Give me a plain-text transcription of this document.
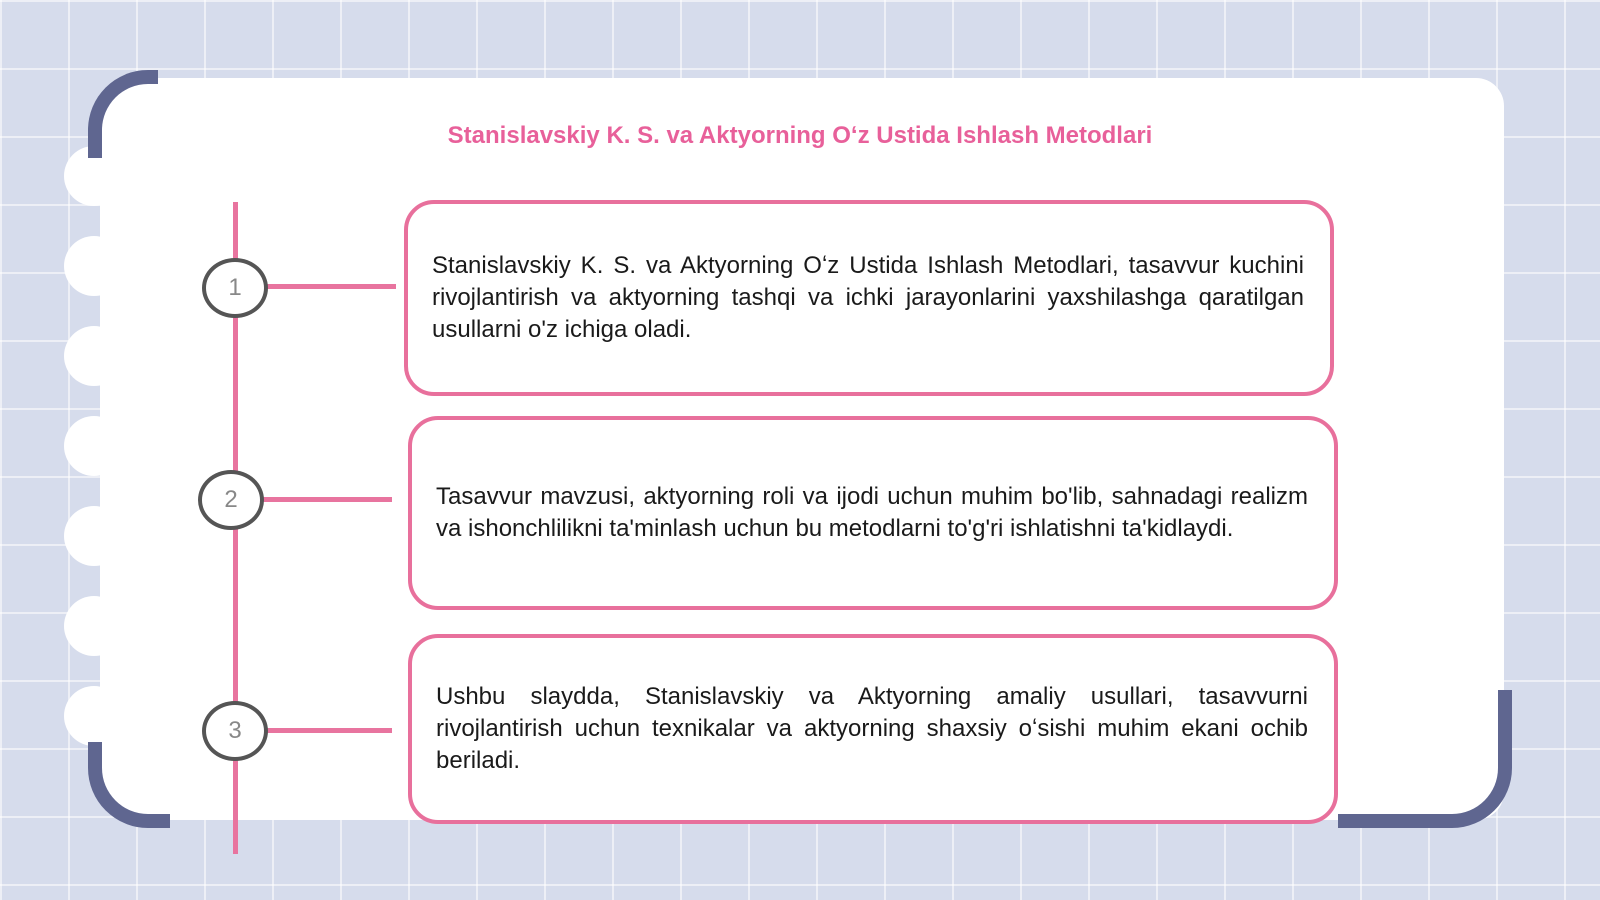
Stanislavskiy K. S. va Aktyorning Oʻz Ustida Ishlash Metodlari
1
2
3

Stanislavskiy K. S. va Aktyorning Oʻz Ustida Ishlash Metodlari, tasavvur kuchini rivojlantirish va aktyorning tashqi va ichki jarayonlarini yaxshilashga qaratilgan usullarni o'z ichiga oladi.

Tasavvur mavzusi, aktyorning roli va ijodi uchun muhim bo'lib, sahnadagi realizm va ishonchlilikni ta'minlash uchun bu metodlarni to'g'ri ishlatishni ta'kidlaydi.

Ushbu slaydda, Stanislavskiy va Aktyorning amaliy usullari, tasavvurni rivojlantirish uchun texnikalar va aktyorning shaxsiy oʻsishi muhim ekani ochib beriladi.
